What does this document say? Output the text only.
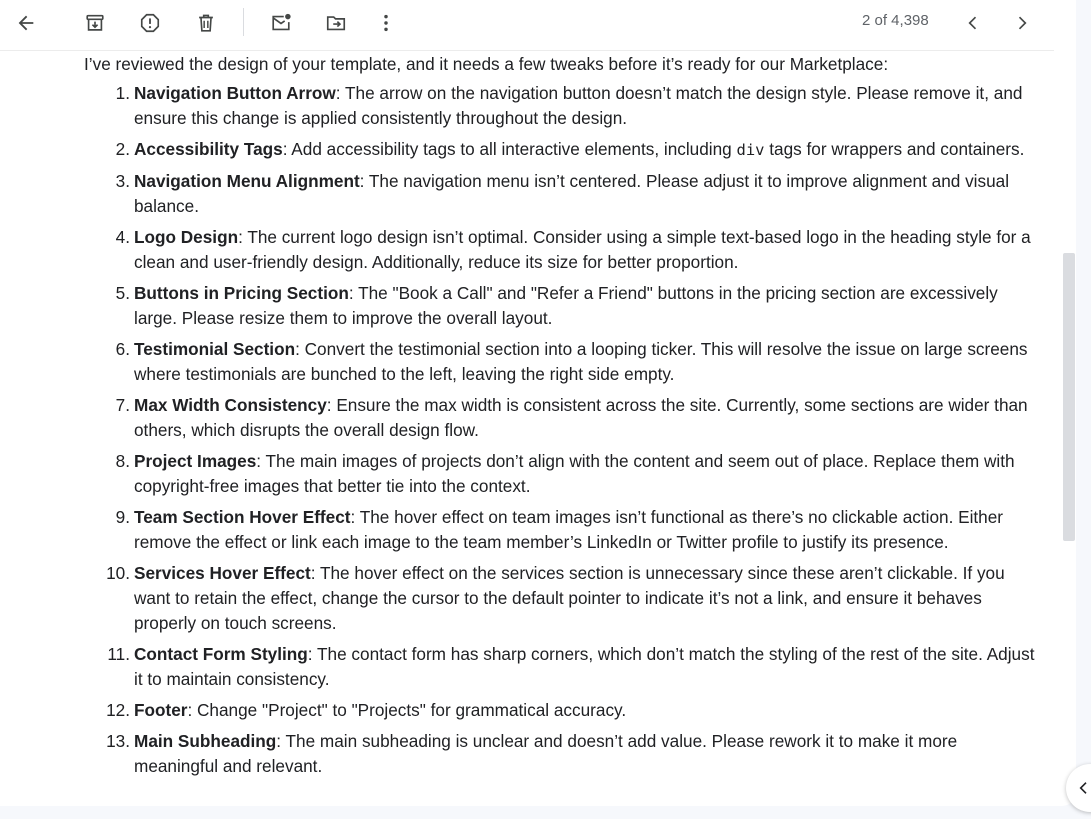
2 of 4,398

I’ve reviewed the design of your template, and it needs a few tweaks before it’s ready for our Marketplace:

1. Navigation Button Arrow: The arrow on the navigation button doesn’t match the design style. Please remove it, and ensure this change is applied consistently throughout the design.
2. Accessibility Tags: Add accessibility tags to all interactive elements, including div tags for wrappers and containers.
3. Navigation Menu Alignment: The navigation menu isn’t centered. Please adjust it to improve alignment and visual balance.
4. Logo Design: The current logo design isn’t optimal. Consider using a simple text-based logo in the heading style for a clean and user-friendly design. Additionally, reduce its size for better proportion.
5. Buttons in Pricing Section: The "Book a Call" and "Refer a Friend" buttons in the pricing section are excessively large. Please resize them to improve the overall layout.
6. Testimonial Section: Convert the testimonial section into a looping ticker. This will resolve the issue on large screens where testimonials are bunched to the left, leaving the right side empty.
7. Max Width Consistency: Ensure the max width is consistent across the site. Currently, some sections are wider than others, which disrupts the overall design flow.
8. Project Images: The main images of projects don’t align with the content and seem out of place. Replace them with copyright-free images that better tie into the context.
9. Team Section Hover Effect: The hover effect on team images isn’t functional as there’s no clickable action. Either remove the effect or link each image to the team member’s LinkedIn or Twitter profile to justify its presence.
10. Services Hover Effect: The hover effect on the services section is unnecessary since these aren’t clickable. If you want to retain the effect, change the cursor to the default pointer to indicate it’s not a link, and ensure it behaves properly on touch screens.
11. Contact Form Styling: The contact form has sharp corners, which don’t match the styling of the rest of the site. Adjust it to maintain consistency.
12. Footer: Change "Project" to "Projects" for grammatical accuracy.
13. Main Subheading: The main subheading is unclear and doesn’t add value. Please rework it to make it more meaningful and relevant.
